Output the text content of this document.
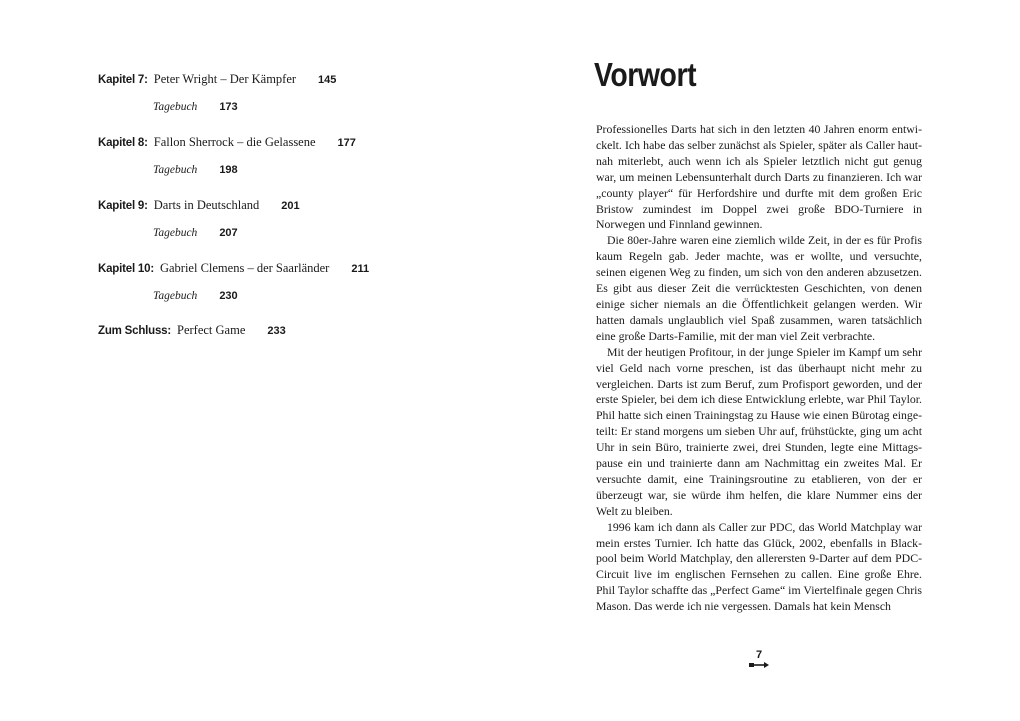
Kapitel 7: Peter Wright – Der Kämpfer 145
Tagebuch 173
Kapitel 8: Fallon Sherrock – die Gelassene 177
Tagebuch 198
Kapitel 9: Darts in Deutschland 201
Tagebuch 207
Kapitel 10: Gabriel Clemens – der Saarländer 211
Tagebuch 230
Zum Schluss: Perfect Game 233
Vorwort

Professionelles Darts hat sich in den letzten 40 Jahren enorm entwickelt. Ich habe das selber zunächst als Spieler, später als Caller hautnah miterlebt, auch wenn ich als Spieler letztlich nicht gut genug war, um meinen Lebensunterhalt durch Darts zu finanzieren. Ich war „county player“ für Herfordshire und durfte mit dem großen Eric Bristow zumindest im Doppel zwei große BDO-Turniere in Norwegen und Finnland gewinnen.

Die 80er-Jahre waren eine ziemlich wilde Zeit, in der es für Profis kaum Regeln gab. Jeder machte, was er wollte, und versuchte, seinen eigenen Weg zu finden, um sich von den anderen abzusetzen. Es gibt aus dieser Zeit die verrücktesten Geschichten, von denen einige sicher niemals an die Öffentlichkeit gelangen werden. Wir hatten damals unglaublich viel Spaß zusammen, waren tatsächlich eine große Darts-Familie, mit der man viel Zeit verbrachte.

Mit der heutigen Profitour, in der junge Spieler im Kampf um sehr viel Geld nach vorne preschen, ist das überhaupt nicht mehr zu vergleichen. Darts ist zum Beruf, zum Profisport geworden, und der erste Spieler, bei dem ich diese Entwicklung erlebte, war Phil Taylor. Phil hatte sich einen Trainingstag zu Hause wie einen Bürotag eingeteilt: Er stand morgens um sieben Uhr auf, frühstückte, ging um acht Uhr in sein Büro, trainierte zwei, drei Stunden, legte eine Mittagspause ein und trainierte dann am Nachmittag ein zweites Mal. Er versuchte damit, eine Trainingsroutine zu etablieren, von der er überzeugt war, sie würde ihm helfen, die klare Nummer eins der Welt zu bleiben.

1996 kam ich dann als Caller zur PDC, das World Matchplay war mein erstes Turnier. Ich hatte das Glück, 2002, ebenfalls in Blackpool beim World Matchplay, den allerersten 9-Darter auf dem PDC-Circuit live im englischen Fernsehen zu callen. Eine große Ehre. Phil Taylor schaffte das „Perfect Game“ im Viertelfinale gegen Chris Mason. Das werde ich nie vergessen. Damals hat kein Mensch

7
